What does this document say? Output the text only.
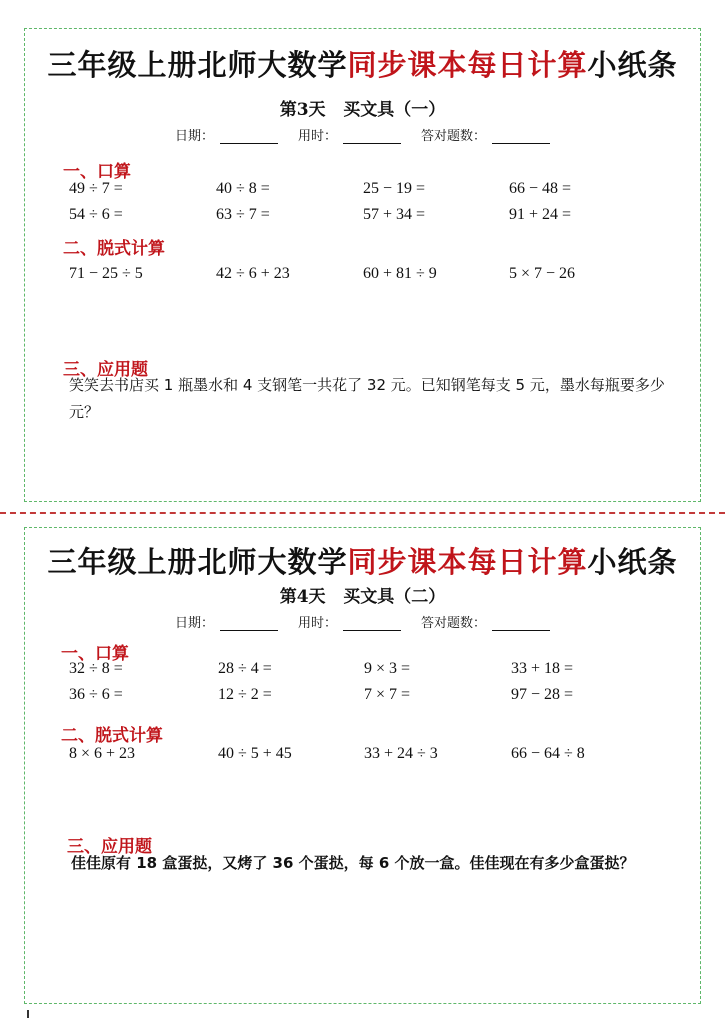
三年级上册北师大数学同步课本每日计算小纸条
第3天   买文具（一）
日期：	用时：	答对题数：
一、口算
49 ÷ 7 =	40 ÷ 8 =	25 − 19 =	66 − 48 =
54 ÷ 6 =	63 ÷ 7 =	57 + 34 =	91 + 24 =
二、脱式计算
71 − 25 ÷ 5	42 ÷ 6 + 23	60 + 81 ÷ 9	5 × 7 − 26
三、应用题
笑笑去书店买 1 瓶墨水和 4 支钢笔一共花了 32 元。已知钢笔每支 5 元，墨水每瓶要多少元？
三年级上册北师大数学同步课本每日计算小纸条
第4天   买文具（二）
日期：	用时：	答对题数：
一、口算
32 ÷ 8 =	28 ÷ 4 =	9 × 3 =	33 + 18 =
36 ÷ 6 =	12 ÷ 2 =	7 × 7 =	97 − 28 =
二、脱式计算
8 × 6 + 23	40 ÷ 5 + 45	33 + 24 ÷ 3	66 − 64 ÷ 8
三、应用题
佳佳原有 18 盒蛋挞，又烤了 36 个蛋挞，每 6 个放一盒。佳佳现在有多少盒蛋挞？
